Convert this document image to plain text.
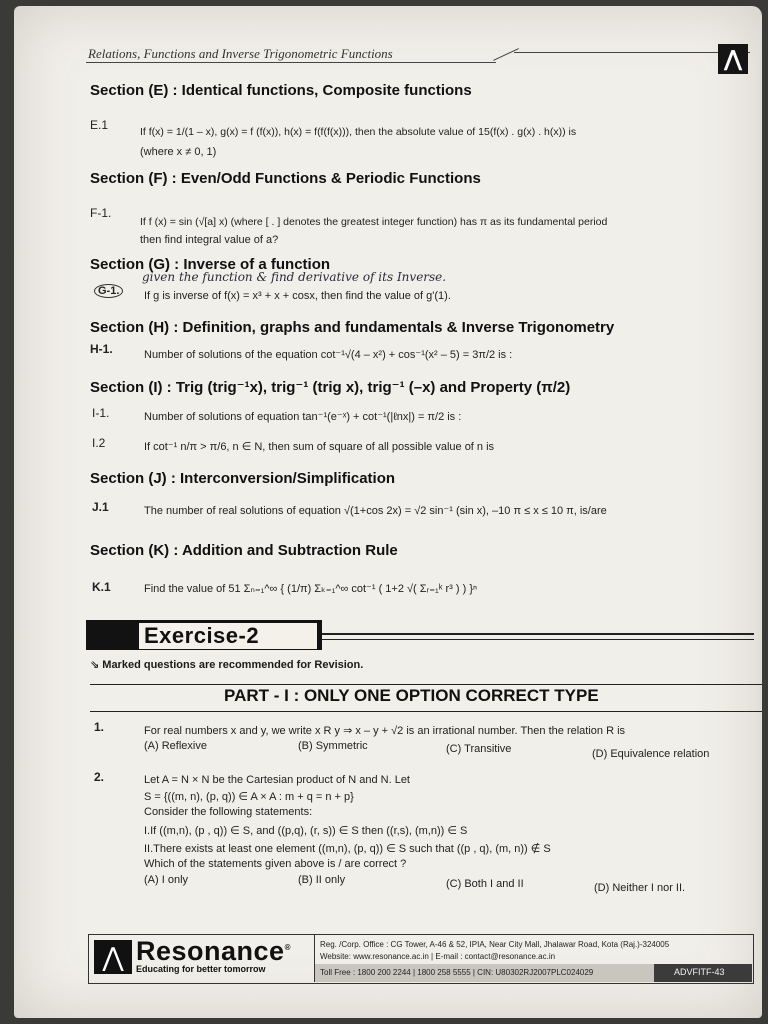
Relations, Functions and Inverse Trigonometric Functions	⋀
Section (E) : Identical functions, Composite functions
E.1	If f(x) = 1/(1 – x), g(x) = f (f(x)), h(x) = f(f(f(x))), then the absolute value of 15(f(x) . g(x) . h(x)) is
(where x ≠ 0, 1)
Section (F) : Even/Odd Functions & Periodic Functions
F-1.
If f (x) = sin (√[a] x) (where [ . ] denotes the greatest integer function) has π as its fundamental period
then find integral value of a?
Section (G) : Inverse of a function
given the function & find derivative of its Inverse.
G-1.	If g is inverse of f(x) = x³ + x + cosx, then find the value of g'(1).
Section (H) : Definition, graphs and fundamentals & Inverse Trigonometry
H-1.	Number of solutions of the equation cot⁻¹√(4 – x²) + cos⁻¹(x² – 5) = 3π/2 is :
Section (I) : Trig (trig⁻¹x), trig⁻¹ (trig x), trig⁻¹ (–x) and Property (π/2)
I-1.	Number of solutions of equation tan⁻¹(e⁻ˣ) + cot⁻¹(|ℓnx|) = π/2 is :
I.2	If cot⁻¹ n/π > π/6, n ∈ N, then sum of square of all possible value of n is
Section (J) : Interconversion/Simplification
J.1	The number of real solutions of equation √(1+cos 2x) = √2 sin⁻¹ (sin x), –10 π ≤ x ≤ 10 π, is/are
Section (K) : Addition and Subtraction Rule
K.1	Find the value of 51 Σₙ₌₁^∞ { (1/π) Σₖ₌₁^∞ cot⁻¹ ( 1+2 √( Σᵣ₌₁ᵏ r³ ) ) }ⁿ
Exercise-2
⇘ Marked questions are recommended for Revision.
PART - I : ONLY ONE OPTION CORRECT TYPE
1.	For real numbers x and y, we write x R y ⇒ x – y + √2 is an irrational number. Then the relation R is
(A) Reflexive	(B) Symmetric	(C) Transitive	(D) Equivalence relation
2.	Let A = N × N be the Cartesian product of N and N. Let
S = {((m, n), (p, q)) ∈ A × A : m + q = n + p}
Consider the following statements:
I.If ((m,n), (p , q)) ∈ S, and ((p,q), (r, s)) ∈ S then ((r,s), (m,n)) ∈ S
II.There exists at least one element ((m,n), (p, q)) ∈ S such that ((p , q), (m, n)) ∉ S
Which of the statements given above is / are correct ?
(A) I only	(B) II only	(C) Both I and II	(D) Neither I nor II.
⋀ Resonance®
Educating for better tomorrow
Reg. /Corp. Office : CG Tower, A-46 & 52, IPIA, Near City Mall, Jhalawar Road, Kota (Raj.)-324005
Website: www.resonance.ac.in | E-mail : contact@resonance.ac.in
Toll Free : 1800 200 2244 | 1800 258 5555 | CIN: U80302RJ2007PLC024029	ADVFITF-43
